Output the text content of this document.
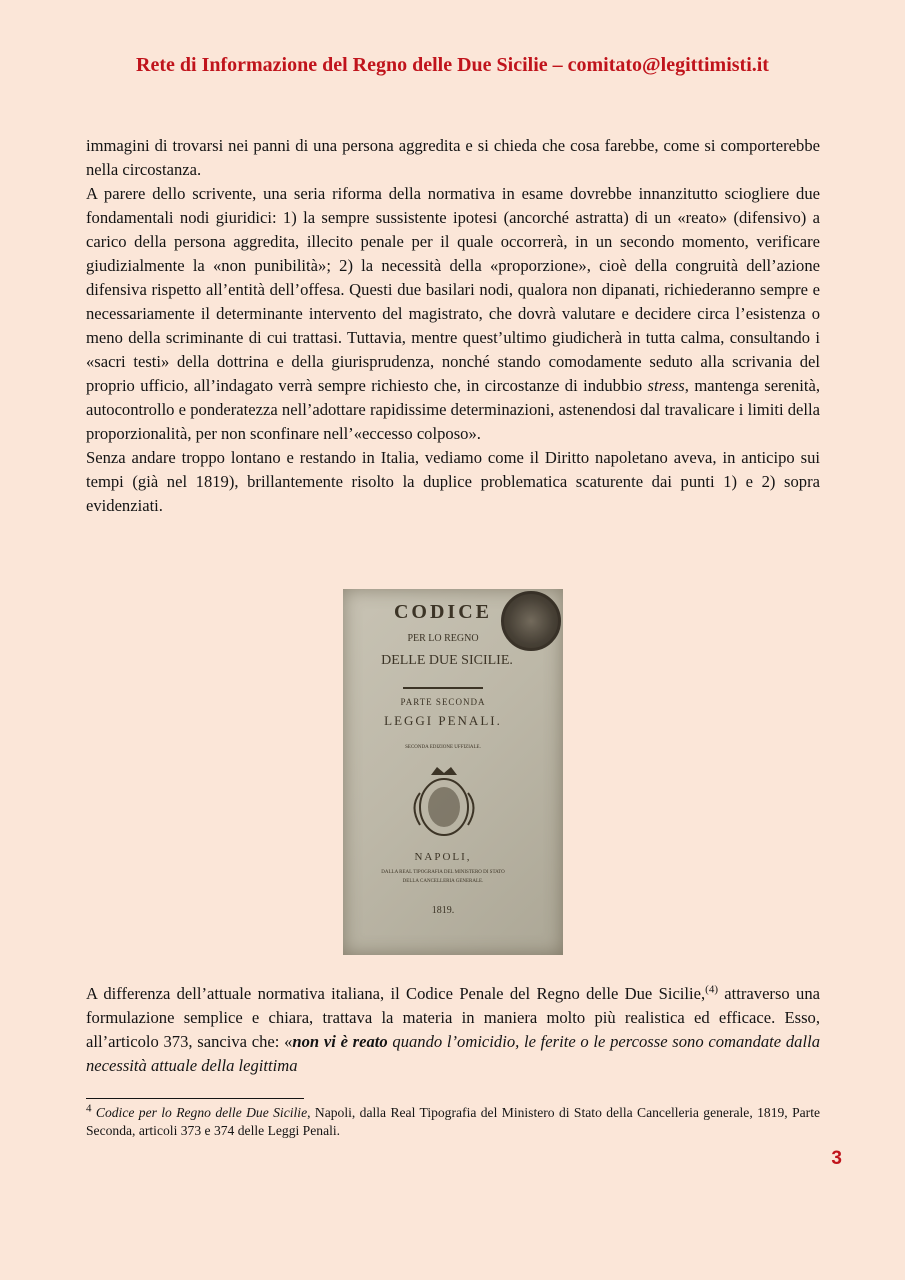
Rete di Informazione del Regno delle Due Sicilie – comitato@legittimisti.it

immagini di trovarsi nei panni di una persona aggredita e si chieda che cosa farebbe, come si comporterebbe nella circostanza.

A parere dello scrivente, una seria riforma della normativa in esame dovrebbe innanzitutto sciogliere due fondamentali nodi giuridici: 1) la sempre sussistente ipotesi (ancorché astratta) di un «reato» (difensivo) a carico della persona aggredita, illecito penale per il quale occorrerà, in un secondo momento, verificare giudizialmente la «non punibilità»; 2) la necessità della «proporzione», cioè della congruità dell’azione difensiva rispetto all’entità dell’offesa. Questi due basilari nodi, qualora non dipanati, richiederanno sempre e necessariamente il determinante intervento del magistrato, che dovrà valutare e decidere circa l’esistenza o meno della scriminante di cui trattasi. Tuttavia, mentre quest’ultimo giudicherà in tutta calma, consultando i «sacri testi» della dottrina e della giurisprudenza, nonché stando comodamente seduto alla scrivania del proprio ufficio, all’indagato verrà sempre richiesto che, in circostanze di indubbio stress, mantenga serenità, autocontrollo e ponderatezza nell’adottare rapidissime determinazioni, astenendosi dal travalicare i limiti della proporzionalità, per non sconfinare nell’«eccesso colposo».

Senza andare troppo lontano e restando in Italia, vediamo come il Diritto napoletano aveva, in anticipo sui tempi (già nel 1819), brillantemente risolto la duplice problematica scaturente dai punti 1) e 2) sopra evidenziati.

CODICE
PER LO REGNO
DELLE DUE SICILIE.
PARTE SECONDA
LEGGI PENALI.
SECONDA EDIZIONE UFFIZIALE.
NAPOLI,
DALLA REAL TIPOGRAFIA DEL MINISTERO DI STATO
DELLA CANCELLERIA GENERALE.
1819.
A differenza dell’attuale normativa italiana, il Codice Penale del Regno delle Due Sicilie,$^{(4)}$ attraverso una formulazione semplice e chiara, trattava la materia in maniera molto più realistica ed efficace. Esso, all’articolo 373, sanciva che: «non vi è reato quando l’omicidio, le ferite o le percosse sono comandate dalla necessità attuale della legittima
$^4$ Codice per lo Regno delle Due Sicilie, Napoli, dalla Real Tipografia del Ministero di Stato della Cancelleria generale, 1819, Parte Seconda, articoli 373 e 374 delle Leggi Penali.
3
